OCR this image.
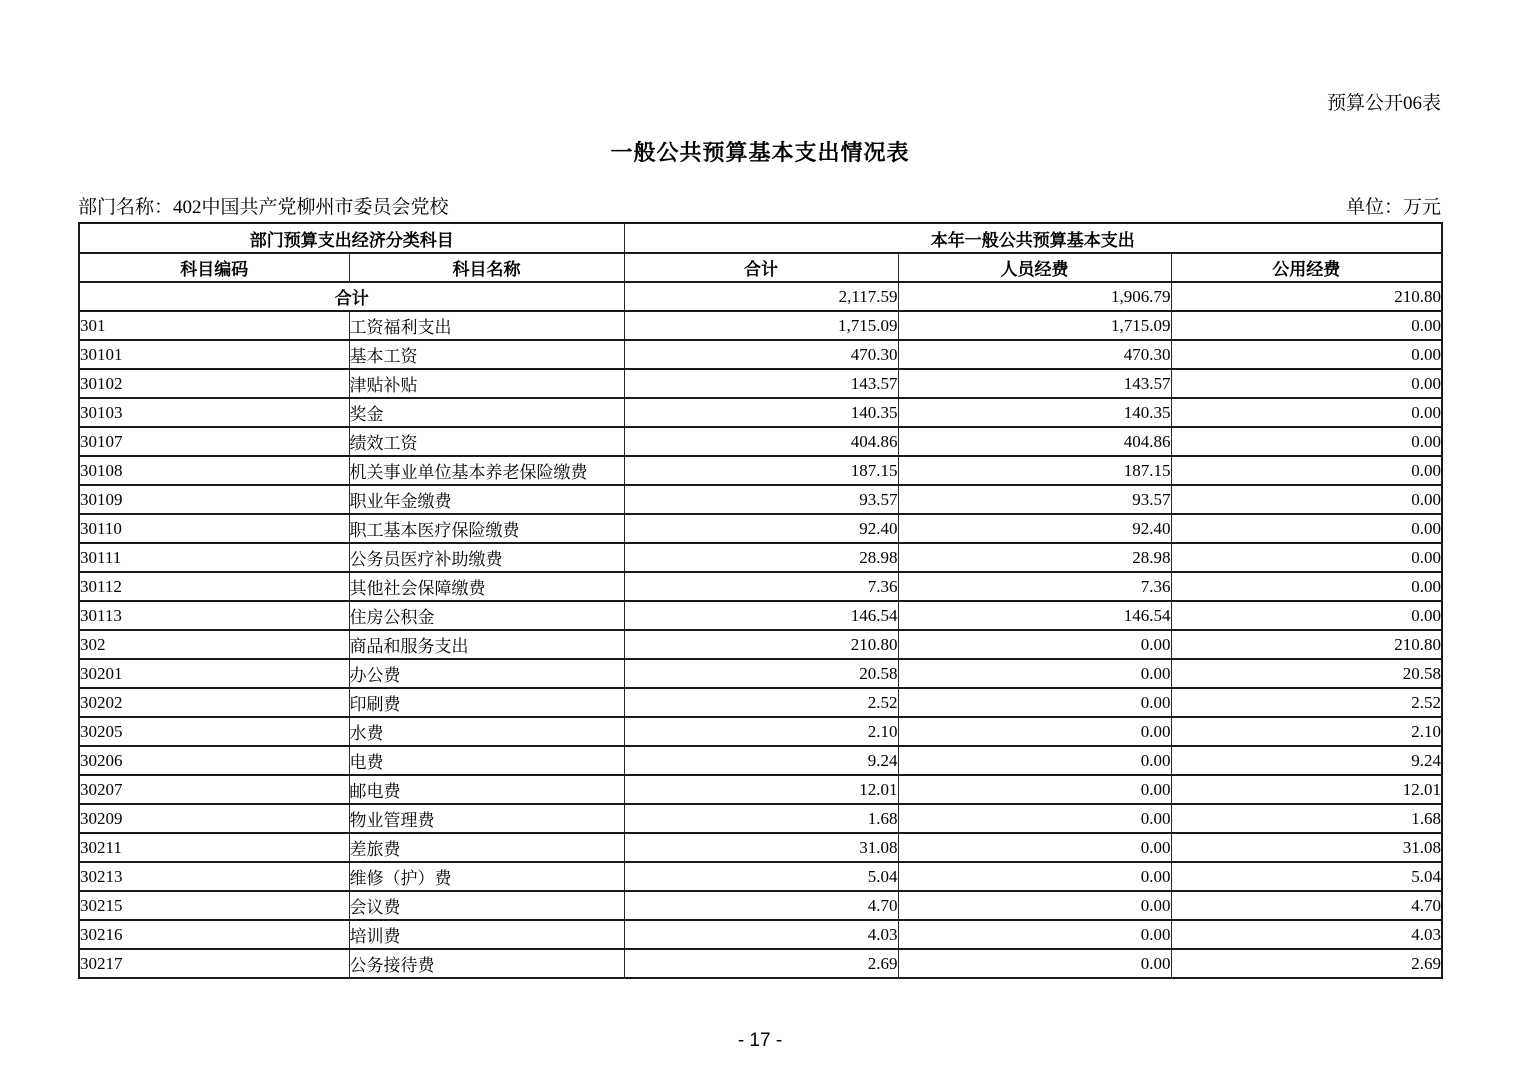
预算公开06表
一般公共预算基本支出情况表
部门名称：402中国共产党柳州市委员会党校	单位：万元
部门预算支出经济分类科目		本年一般公共预算基本支出		
科目编码	科目名称	合计	人员经费	公用经费
合计		2,117.59	1,906.79	210.80
301	工资福利支出	1,715.09	1,715.09	0.00
30101	基本工资	470.30	470.30	0.00
30102	津贴补贴	143.57	143.57	0.00
30103	奖金	140.35	140.35	0.00
30107	绩效工资	404.86	404.86	0.00
30108	机关事业单位基本养老保险缴费	187.15	187.15	0.00
30109	职业年金缴费	93.57	93.57	0.00
30110	职工基本医疗保险缴费	92.40	92.40	0.00
30111	公务员医疗补助缴费	28.98	28.98	0.00
30112	其他社会保障缴费	7.36	7.36	0.00
30113	住房公积金	146.54	146.54	0.00
302	商品和服务支出	210.80	0.00	210.80
30201	办公费	20.58	0.00	20.58
30202	印刷费	2.52	0.00	2.52
30205	水费	2.10	0.00	2.10
30206	电费	9.24	0.00	9.24
30207	邮电费	12.01	0.00	12.01
30209	物业管理费	1.68	0.00	1.68
30211	差旅费	31.08	0.00	31.08
30213	维修（护）费	5.04	0.00	5.04
30215	会议费	4.70	0.00	4.70
30216	培训费	4.03	0.00	4.03
30217	公务接待费	2.69	0.00	2.69
- 17 -
